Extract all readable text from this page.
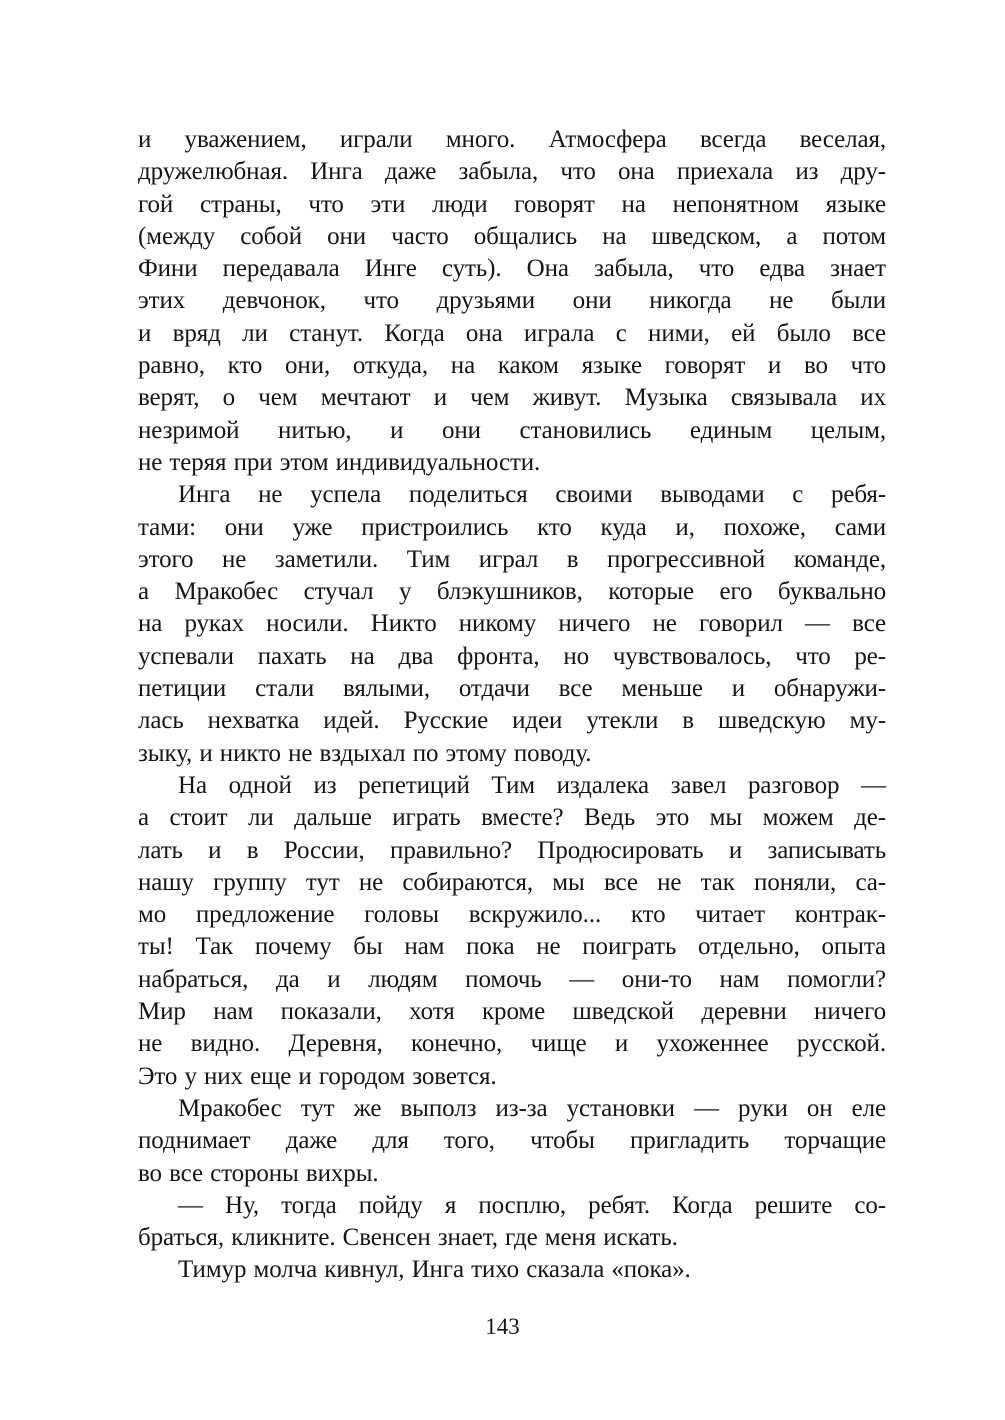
и уважением, играли много. Атмосфера всегда веселая,
дружелюбная. Инга даже забыла, что она приехала из дру-
гой страны, что эти люди говорят на непонятном языке
(между собой они часто общались на шведском, а потом
Фини передавала Инге суть). Она забыла, что едва знает
этих девчонок, что друзьями они никогда не были
и вряд ли станут. Когда она играла с ними, ей было все
равно, кто они, откуда, на каком языке говорят и во что
верят, о чем мечтают и чем живут. Музыка связывала их
незримой нитью, и они становились единым целым,
не теряя при этом индивидуальности.
Инга не успела поделиться своими выводами с ребя-
тами: они уже пристроились кто куда и, похоже, сами
этого не заметили. Тим играл в прогрессивной команде,
а Мракобес стучал у блэкушников, которые его буквально
на руках носили. Никто никому ничего не говорил — все
успевали пахать на два фронта, но чувствовалось, что ре-
петиции стали вялыми, отдачи все меньше и обнаружи-
лась нехватка идей. Русские идеи утекли в шведскую му-
зыку, и никто не вздыхал по этому поводу.
На одной из репетиций Тим издалека завел разговор —
а стоит ли дальше играть вместе? Ведь это мы можем де-
лать и в России, правильно? Продюсировать и записывать
нашу группу тут не собираются, мы все не так поняли, са-
мо предложение головы вскружило... кто читает контрак-
ты! Так почему бы нам пока не поиграть отдельно, опыта
набраться, да и людям помочь — они-то нам помогли?
Мир нам показали, хотя кроме шведской деревни ничего
не видно. Деревня, конечно, чище и ухоженнее русской.
Это у них еще и городом зовется.
Мракобес тут же выполз из-за установки — руки он еле
поднимает даже для того, чтобы пригладить торчащие
во все стороны вихры.
— Ну, тогда пойду я посплю, ребят. Когда решите со-
браться, кликните. Свенсен знает, где меня искать.
Тимур молча кивнул, Инга тихо сказала «пока».
143
